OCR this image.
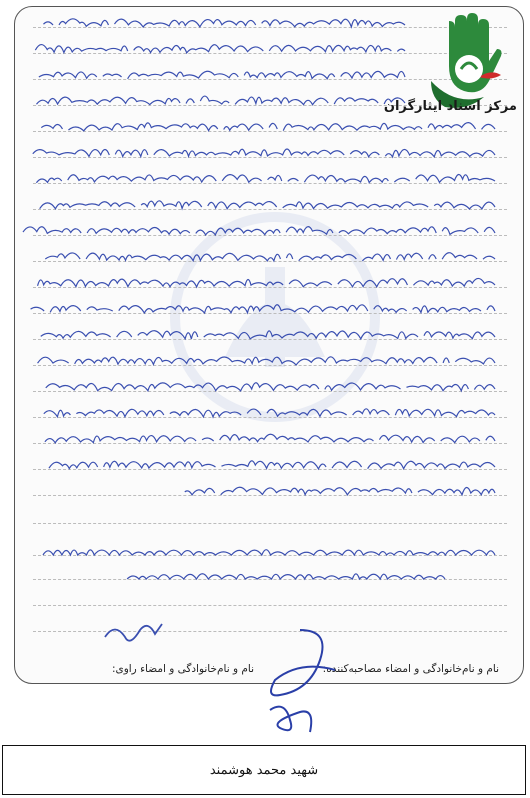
مرکز اسناد ایثارگران
نام و نام‌خانوادگی و امضاء مصاحبه‌کننده:
نام و نام‌خانوادگی و امضاء راوی:
شهید محمد هوشمند
